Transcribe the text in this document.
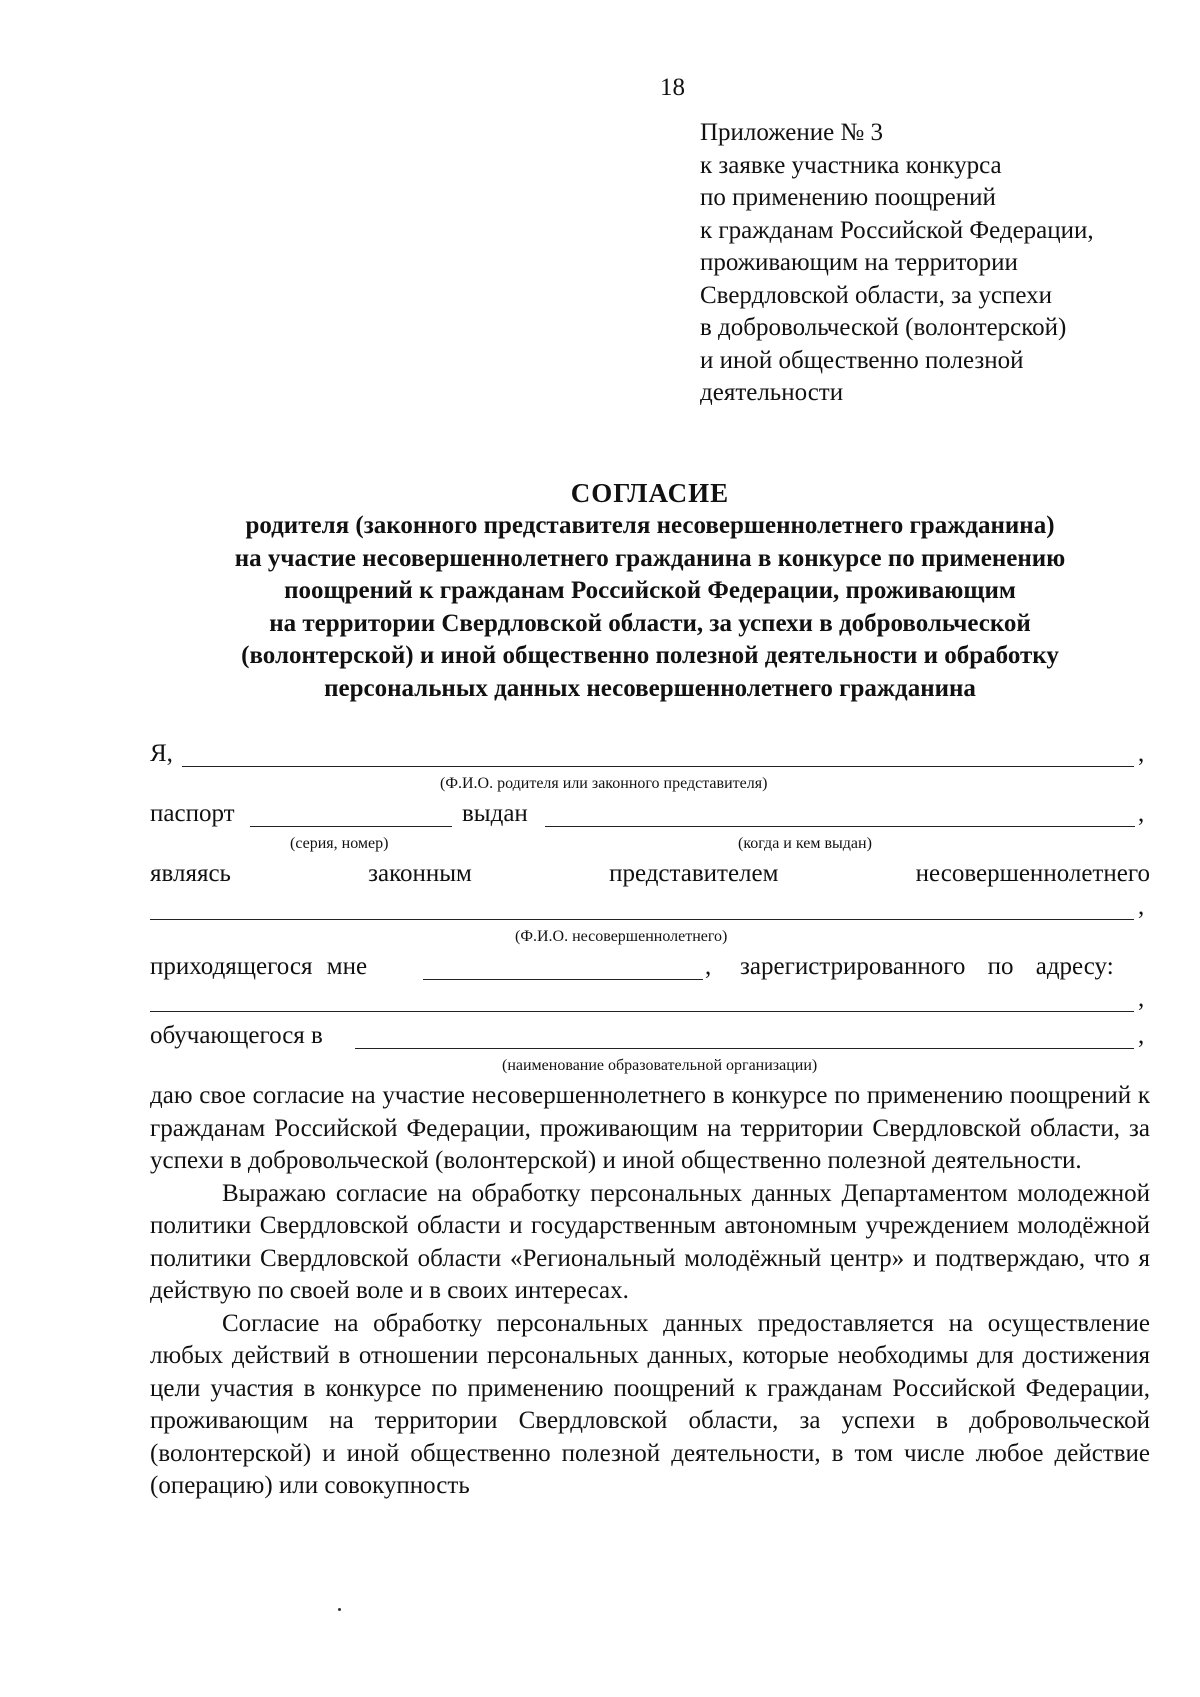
18
Приложение № 3
к заявке участника конкурса
по применению поощрений
к гражданам Российской Федерации,
проживающим на территории
Свердловской области, за успехи
в добровольческой (волонтерской)
и иной общественно полезной
деятельности
СОГЛАСИЕ
родителя (законного представителя несовершеннолетнего гражданина)
на участие несовершеннолетнего гражданина в конкурсе по применению
поощрений к гражданам Российской Федерации, проживающим
на территории Свердловской области, за успехи в добровольческой
(волонтерской) и иной общественно полезной деятельности и обработку
персональных данных несовершеннолетнего гражданина
Я,	,
(Ф.И.О. родителя или законного представителя)
паспорт	выдан	,
(серия, номер)	(когда и кем выдан)
являясь	законным	представителем	несовершеннолетнего
,
(Ф.И.О. несовершеннолетнего)
приходящегося мне	, зарегистрированного по адресу:
,
обучающегося в	,
(наименование образовательной организации)

даю свое согласие на участие несовершеннолетнего в конкурсе по применению поощрений к гражданам Российской Федерации, проживающим на территории Свердловской области, за успехи в добровольческой (волонтерской) и иной общественно полезной деятельности.

Выражаю согласие на обработку персональных данных Департаментом молодежной политики Свердловской области и государственным автономным учреждением молодёжной политики Свердловской области «Региональный молодёжный центр» и подтверждаю, что я действую по своей воле и в своих интересах.

Согласие на обработку персональных данных предоставляется на осуществление любых действий в отношении персональных данных, которые необходимы для достижения цели участия в конкурсе по применению поощрений к гражданам Российской Федерации, проживающим на территории Свердловской области, за успехи в добровольческой (волонтерской) и иной общественно полезной деятельности, в том числе любое действие (операцию) или совокупность
